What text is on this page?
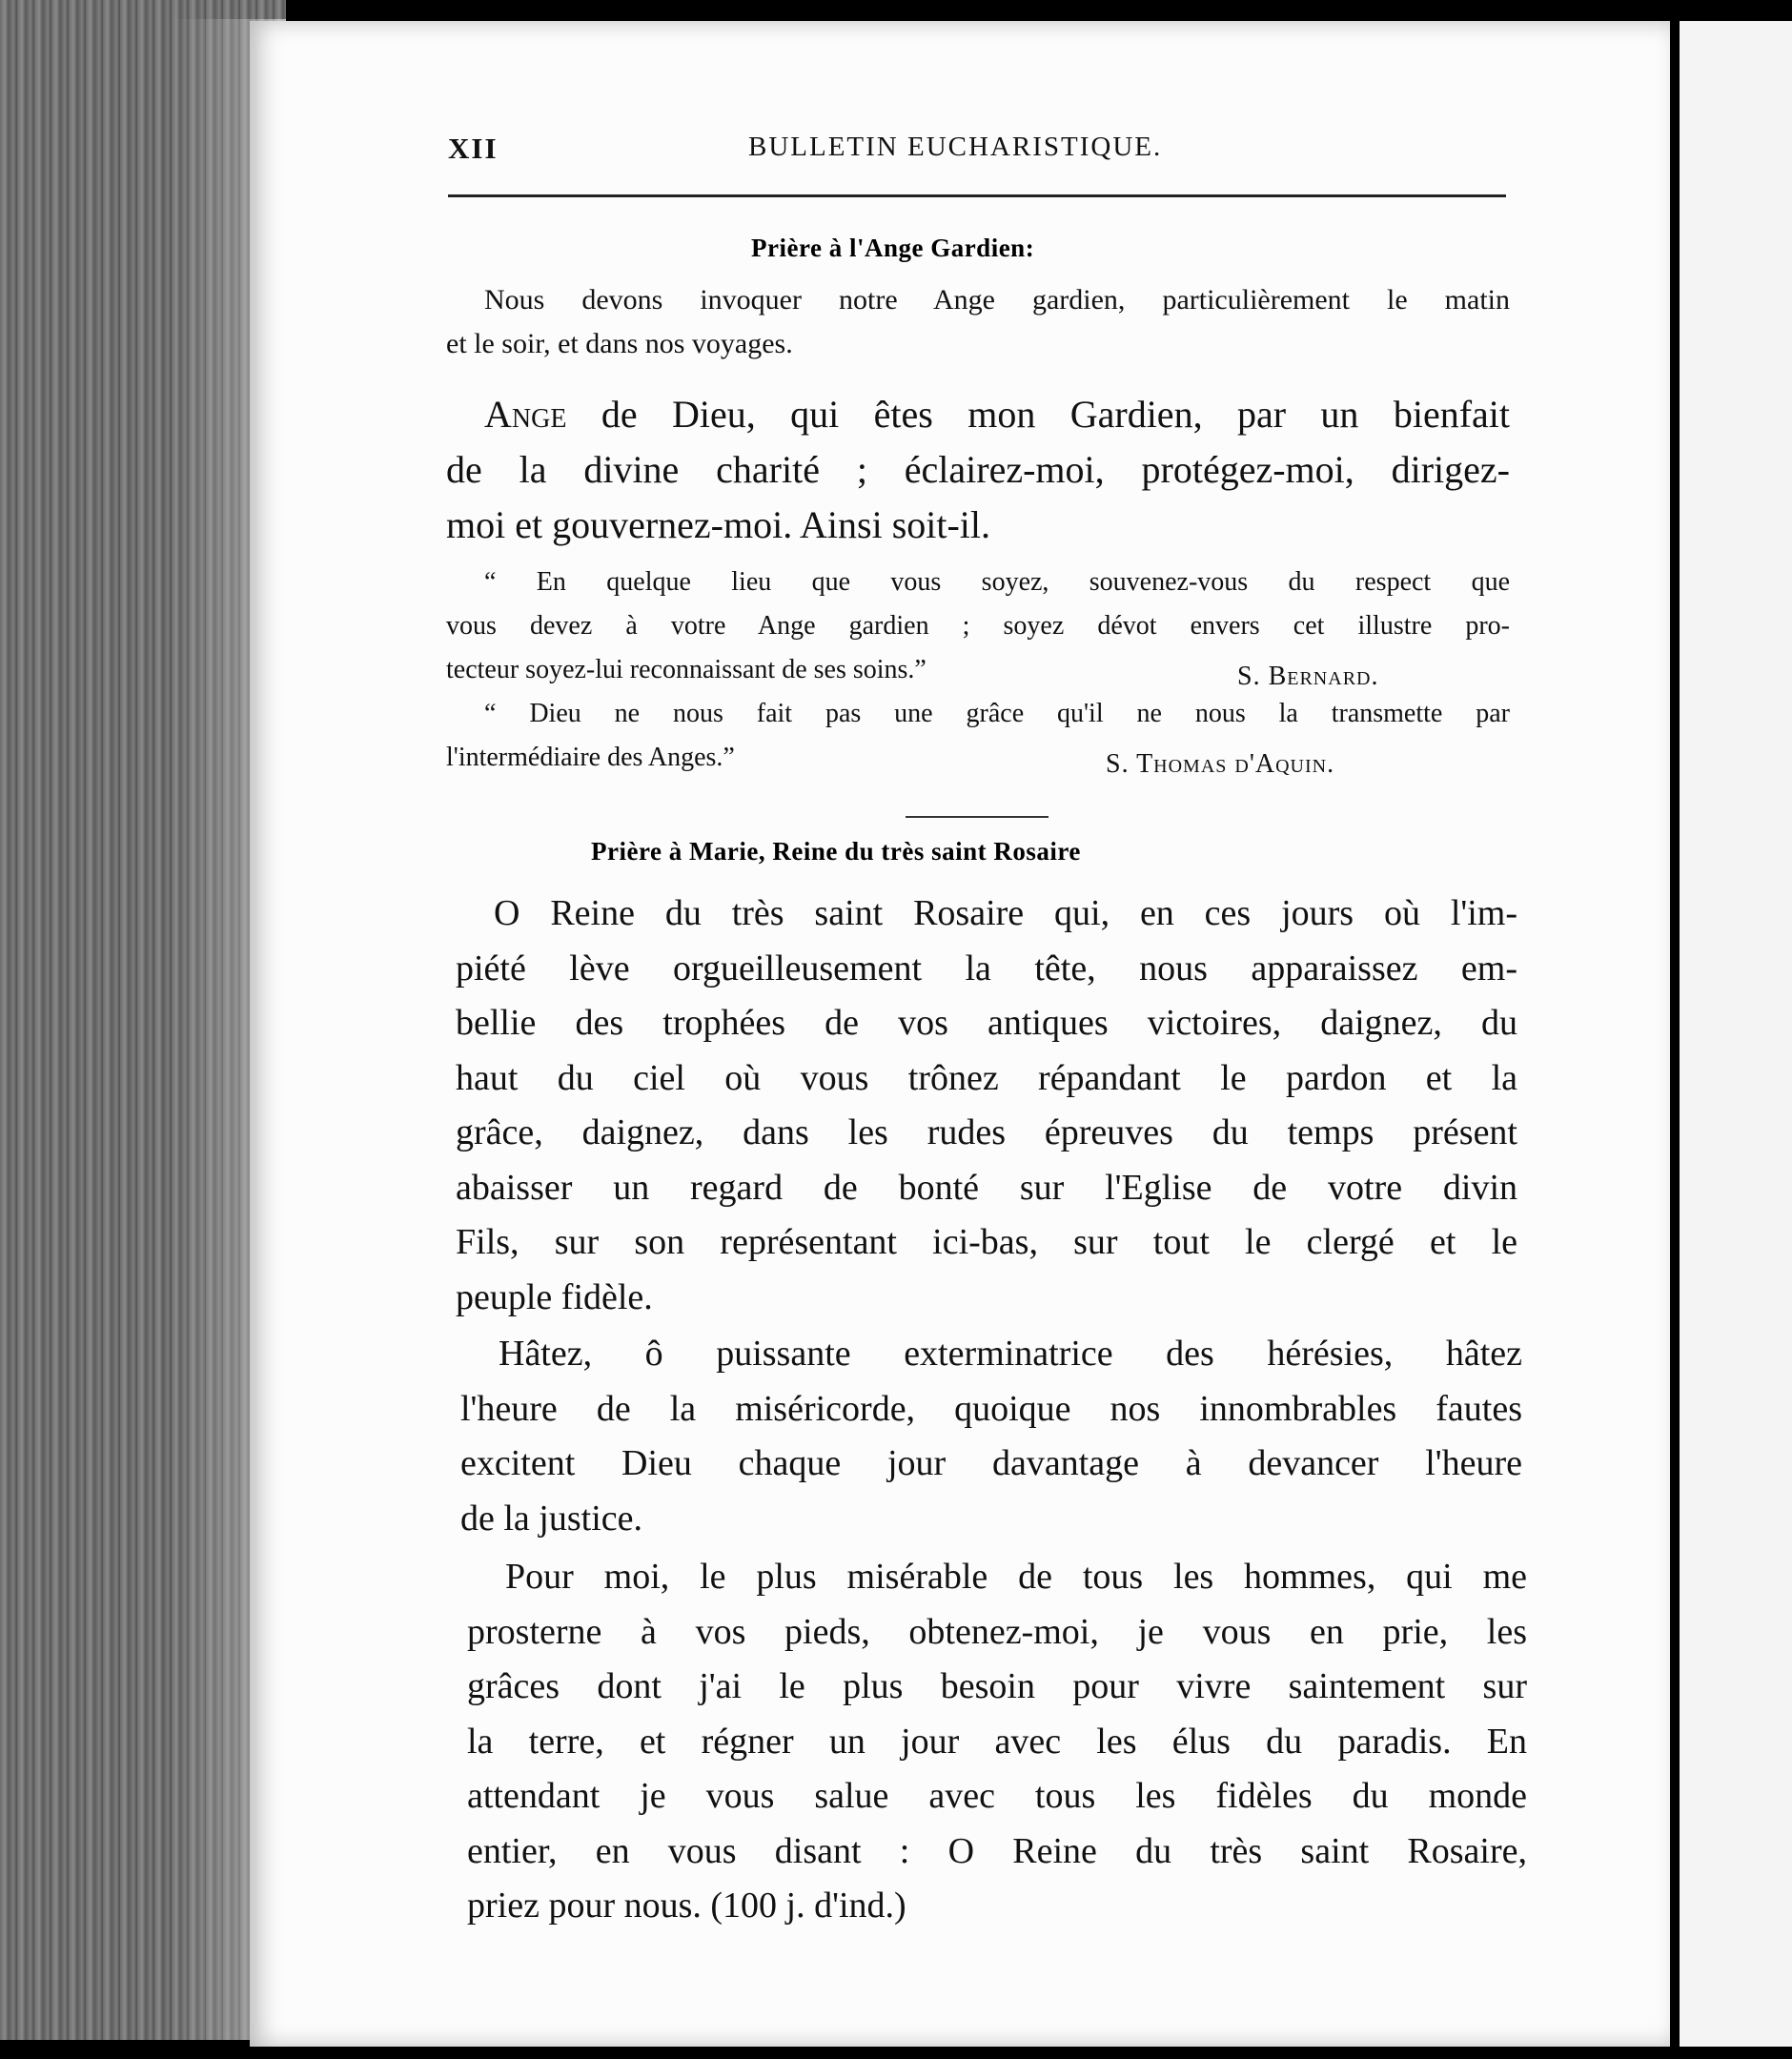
XII	BULLETIN EUCHARISTIQUE.
Prière à l'Ange Gardien:
Nous devons invoquer notre Ange gardien, particulièrement le matin
et le soir, et dans nos voyages.
Ange de Dieu, qui êtes mon Gardien, par un bienfait
de la divine charité ; éclairez-moi, protégez-moi, dirigez-
moi et gouvernez-moi. Ainsi soit-il.
“ En quelque lieu que vous soyez, souvenez-vous du respect que
vous devez à votre Ange gardien ; soyez dévot envers cet illustre pro-
tecteur soyez-lui reconnaissant de ses soins.”
“ Dieu ne nous fait pas une grâce qu'il ne nous la transmette par
l'intermédiaire des Anges.”
S. Bernard.
S. Thomas d'Aquin.
Prière à Marie, Reine du très saint Rosaire
O Reine du très saint Rosaire qui, en ces jours où l'im-
piété lève orgueilleusement la tête, nous apparaissez em-
bellie des trophées de vos antiques victoires, daignez, du
haut du ciel où vous trônez répandant le pardon et la
grâce, daignez, dans les rudes épreuves du temps présent
abaisser un regard de bonté sur l'Eglise de votre divin
Fils, sur son représentant ici-bas, sur tout le clergé et le
peuple fidèle.
Hâtez, ô puissante exterminatrice des hérésies, hâtez
l'heure de la miséricorde, quoique nos innombrables fautes
excitent Dieu chaque jour davantage à devancer l'heure
de la justice.
Pour moi, le plus misérable de tous les hommes, qui me
prosterne à vos pieds, obtenez-moi, je vous en prie, les
grâces dont j'ai le plus besoin pour vivre saintement sur
la terre, et régner un jour avec les élus du paradis. En
attendant je vous salue avec tous les fidèles du monde
entier, en vous disant : O Reine du très saint Rosaire,
priez pour nous. (100 j. d'ind.)
